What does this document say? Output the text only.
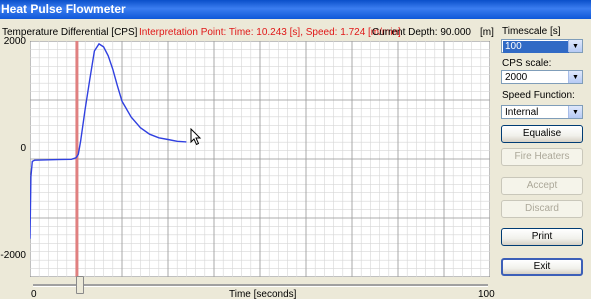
Heat Pulse Flowmeter
Temperature Differential [CPS] Interpretation Point: Time: 10.243 [s], Speed: 1.724 [m/min]
Current Depth: 90.000 [m]
2000
0
-2000
0	Time [seconds]	100
Timescale [s]
100	▼
CPS scale:
2000	▼
Speed Function:
Internal	▼
Equalise
Fire Heaters
Accept
Discard
Print
Exit
